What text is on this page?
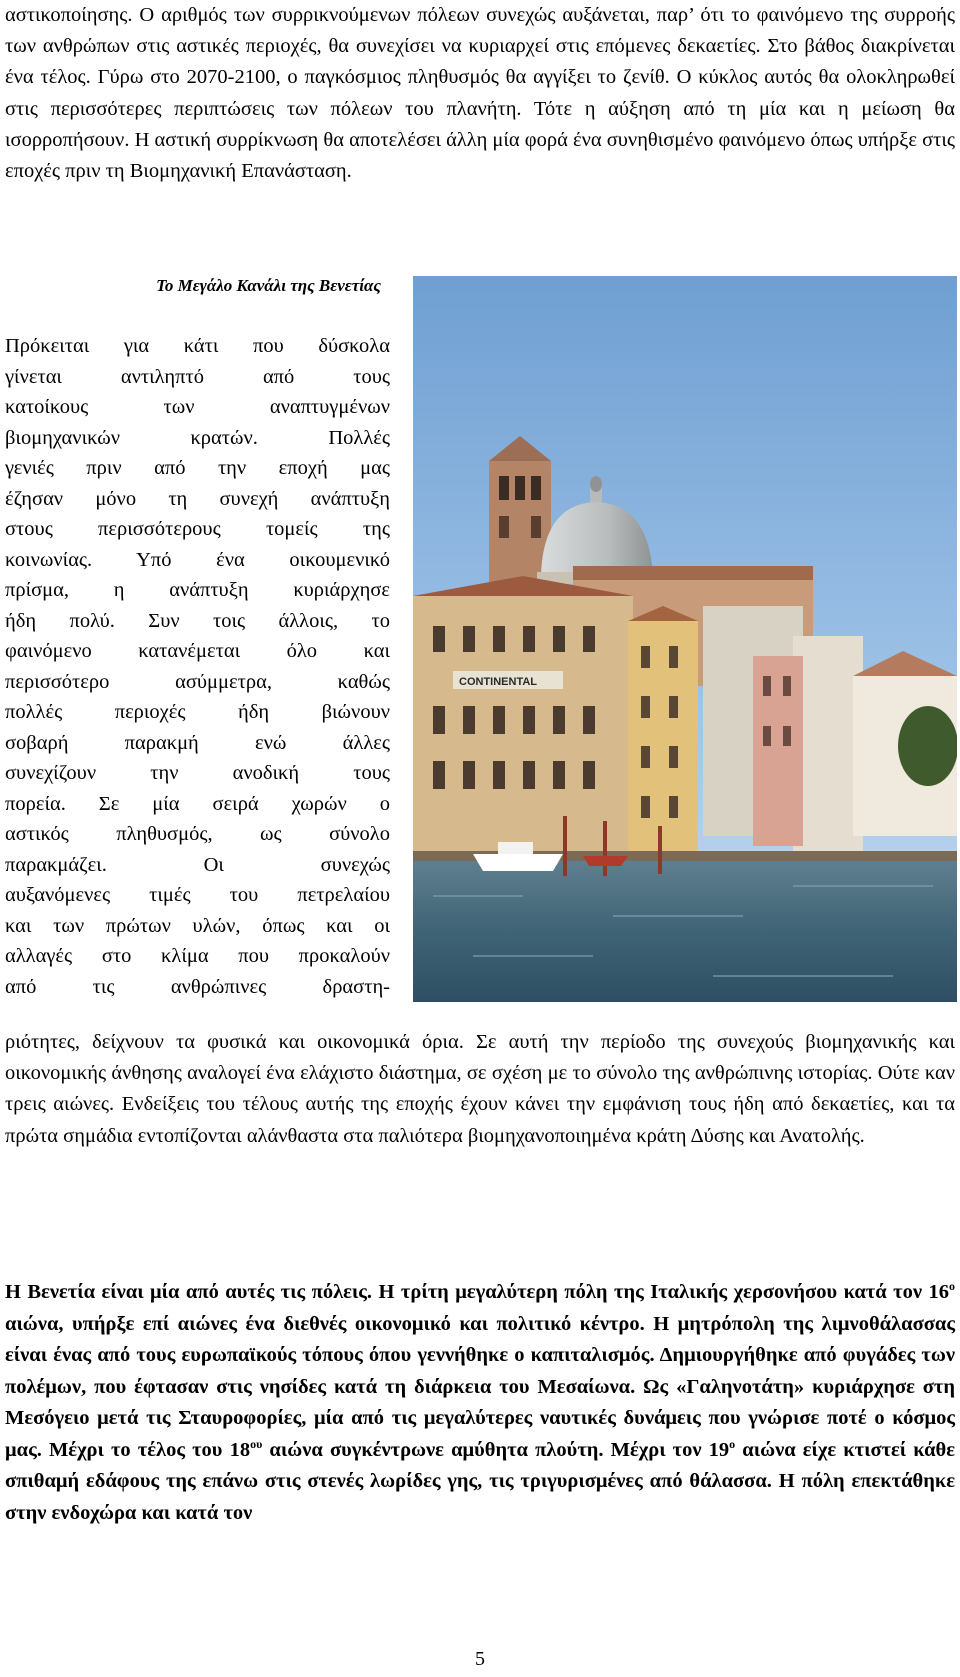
αστικοποίησης. Ο αριθμός των συρρικνούμενων πόλεων συνεχώς αυξάνεται, παρ’ ότι το φαινόμενο της συρροής των ανθρώπων στις αστικές περιοχές, θα συνεχίσει να κυριαρχεί στις επόμενες δεκαετίες. Στο βάθος διακρίνεται ένα τέλος. Γύρω στο 2070-2100, ο παγκόσμιος πληθυσμός θα αγγίξει το ζενίθ. Ο κύκλος αυτός θα ολοκληρωθεί στις περισσότερες περιπτώσεις των πόλεων του πλανήτη. Τότε η αύξηση από τη μία και η μείωση θα ισορροπήσουν. Η αστική συρρίκνωση θα αποτελέσει άλλη μία φορά ένα συνηθισμένο φαινόμενο όπως υπήρξε στις εποχές πριν τη Βιομηχανική Επανάσταση.

Το Μεγάλο Κανάλι της Βενετίας
Πρόκειται για κάτι που δύσκολα
γίνεται αντιληπτό από τους
κατοίκους των αναπτυγμένων
βιομηχανικών κρατών. Πολλές
γενιές πριν από την εποχή μας
έζησαν μόνο τη συνεχή ανάπτυξη
στους περισσότερους τομείς της
κοινωνίας. Υπό ένα οικουμενικό
πρίσμα, η ανάπτυξη κυριάρχησε
ήδη πολύ. Συν τοις άλλοις, το
φαινόμενο κατανέμεται όλο και
περισσότερο ασύμμετρα, καθώς
πολλές περιοχές ήδη βιώνουν
σοβαρή παρακμή ενώ άλλες
συνεχίζουν την ανοδική τους
πορεία. Σε μία σειρά χωρών ο
αστικός πληθυσμός, ως σύνολο
παρακμάζει. Οι συνεχώς
αυξανόμενες τιμές του πετρελαίου
και των πρώτων υλών, όπως και οι
αλλαγές στο κλίμα που προκαλούν
από τις ανθρώπινες δραστη-
CONTINENTAL

ριότητες, δείχνουν τα φυσικά και οικονομικά όρια. Σε αυτή την περίοδο της συνεχούς βιομηχανικής και οικονομικής άνθησης αναλογεί ένα ελάχιστο διάστημα, σε σχέση με το σύνολο της ανθρώπινης ιστορίας. Ούτε καν τρεις αιώνες. Ενδείξεις του τέλους αυτής της εποχής έχουν κάνει την εμφάνιση τους ήδη από δεκαετίες, και τα πρώτα σημάδια εντοπίζονται αλάνθαστα στα παλιότερα βιομηχανοποιημένα κράτη Δύσης και Ανατολής.

Η Βενετία είναι μία από αυτές τις πόλεις. Η τρίτη μεγαλύτερη πόλη της Ιταλικής χερσονήσου κατά τον $16^o$ αιώνα, υπήρξε επί αιώνες ένα διεθνές οικονομικό και πολιτικό κέντρο. Η μητρόπολη της λιμνοθάλασσας είναι ένας από τους ευρωπαϊκούς τόπους όπου γεννήθηκε ο καπιταλισμός. Δημιουργήθηκε από φυγάδες των πολέμων, που έφτασαν στις νησίδες κατά τη διάρκεια του Μεσαίωνα. Ως «Γαληνοτάτη» κυριάρχησε στη Μεσόγειο μετά τις Σταυροφορίες, μία από τις μεγαλύτερες ναυτικές δυνάμεις που γνώρισε ποτέ ο κόσμος μας. Μέχρι το τέλος του $18^{o\upsilon}$ αιώνα συγκέντρωνε αμύθητα πλούτη. Μέχρι τον $19^o$ αιώνα είχε κτιστεί κάθε σπιθαμή εδάφους της επάνω στις στενές λωρίδες γης, τις τριγυρισμένες από θάλασσα. Η πόλη επεκτάθηκε στην ενδοχώρα και κατά τον

5
